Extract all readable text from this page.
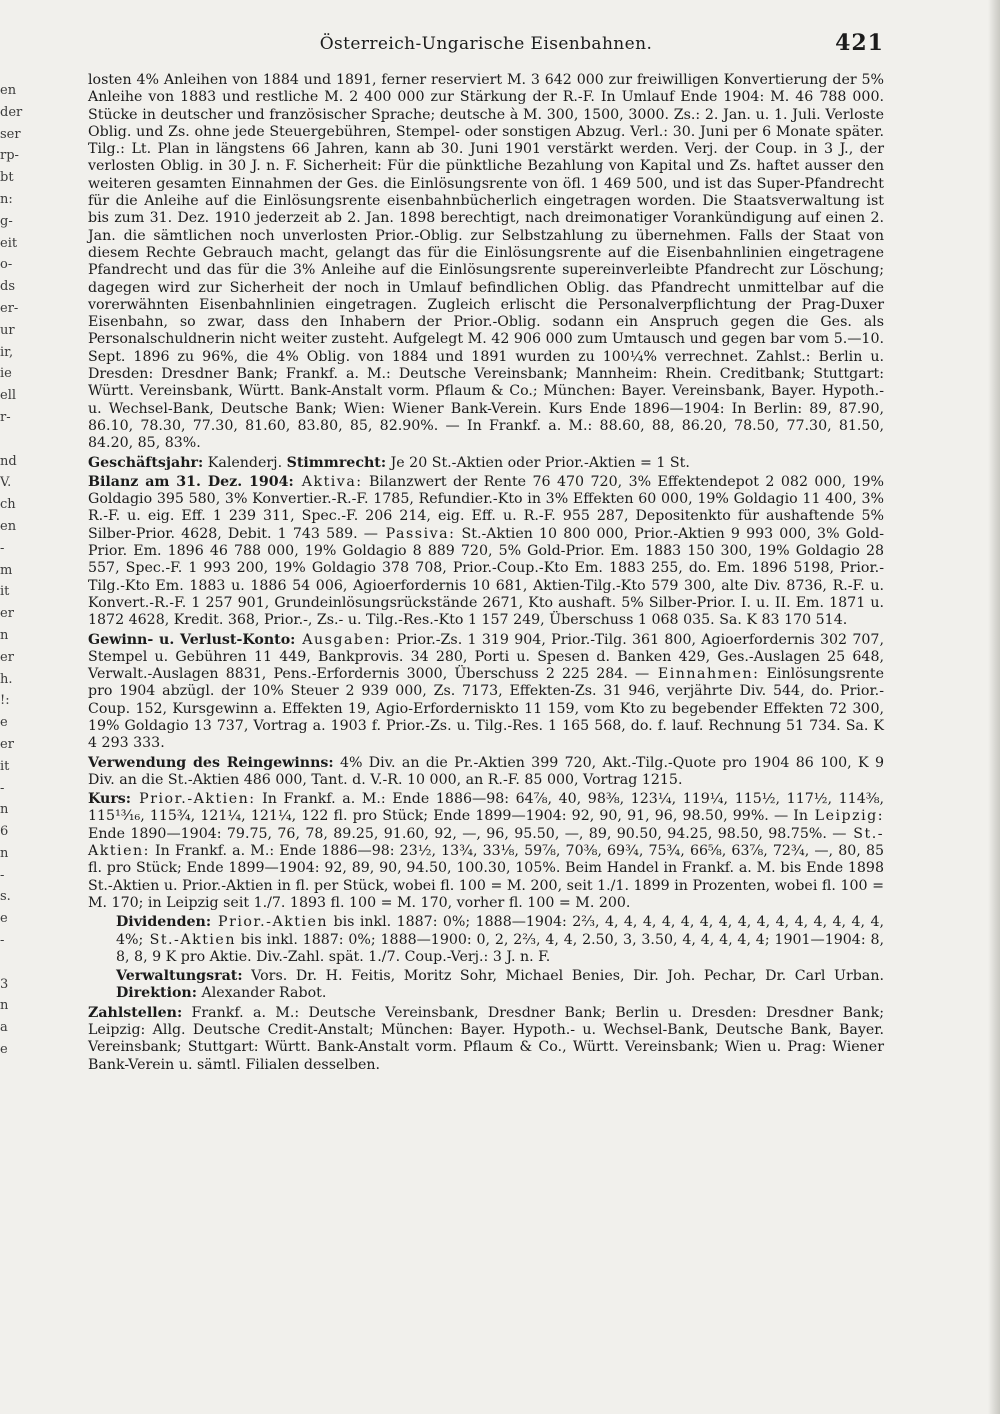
Österreich-Ungarische Eisenbahnen.	421
en
der
ser
rp-
bt
n:
g-
eit
o-
ds
er-
ur
ir,
ie
ell
r-

nd
V.
ch
en
-
m
it
er
n
er
h.
!:
e
er
it
-
n
6
n
-
s.
e
-

3
n
a
e

losten 4% Anleihen von 1884 und 1891, ferner reserviert M. 3 642 000 zur freiwilligen Konvertierung der 5% Anleihe von 1883 und restliche M. 2 400 000 zur Stärkung der R.-F. In Umlauf Ende 1904: M. 46 788 000. Stücke in deutscher und französischer Sprache; deutsche à M. 300, 1500, 3000. Zs.: 2. Jan. u. 1. Juli. Verloste Oblig. und Zs. ohne jede Steuergebühren, Stempel- oder sonstigen Abzug. Verl.: 30. Juni per 6 Monate später. Tilg.: Lt. Plan in längstens 66 Jahren, kann ab 30. Juni 1901 verstärkt werden. Verj. der Coup. in 3 J., der verlosten Oblig. in 30 J. n. F. Sicherheit: Für die pünktliche Bezahlung von Kapital und Zs. haftet ausser den weiteren gesamten Einnahmen der Ges. die Einlösungsrente von öfl. 1 469 500, und ist das Super-Pfandrecht für die Anleihe auf die Einlösungsrente eisenbahnbücherlich eingetragen worden. Die Staatsverwaltung ist bis zum 31. Dez. 1910 jederzeit ab 2. Jan. 1898 berechtigt, nach dreimonatiger Vorankündigung auf einen 2. Jan. die sämtlichen noch unverlosten Prior.-Oblig. zur Selbstzahlung zu übernehmen. Falls der Staat von diesem Rechte Gebrauch macht, gelangt das für die Einlösungsrente auf die Eisenbahnlinien eingetragene Pfandrecht und das für die 3% Anleihe auf die Einlösungsrente supereinverleibte Pfandrecht zur Löschung; dagegen wird zur Sicherheit der noch in Umlauf befindlichen Oblig. das Pfandrecht unmittelbar auf die vorerwähnten Eisenbahnlinien eingetragen. Zugleich erlischt die Personalverpflichtung der Prag-Duxer Eisenbahn, so zwar, dass den Inhabern der Prior.-Oblig. sodann ein Anspruch gegen die Ges. als Personalschuldnerin nicht weiter zusteht. Aufgelegt M. 42 906 000 zum Umtausch und gegen bar vom 5.—10. Sept. 1896 zu 96%, die 4% Oblig. von 1884 und 1891 wurden zu 100¼% verrechnet. Zahlst.: Berlin u. Dresden: Dresdner Bank; Frankf. a. M.: Deutsche Vereinsbank; Mannheim: Rhein. Creditbank; Stuttgart: Württ. Vereinsbank, Württ. Bank-Anstalt vorm. Pflaum & Co.; München: Bayer. Vereinsbank, Bayer. Hypoth.- u. Wechsel-Bank, Deutsche Bank; Wien: Wiener Bank-Verein. Kurs Ende 1896—1904: In Berlin: 89, 87.90, 86.10, 78.30, 77.30, 81.60, 83.80, 85, 82.90%. — In Frankf. a. M.: 88.60, 88, 86.20, 78.50, 77.30, 81.50, 84.20, 85, 83%.

Geschäftsjahr: Kalenderj. Stimmrecht: Je 20 St.-Aktien oder Prior.-Aktien = 1 St.

Bilanz am 31. Dez. 1904: Aktiva: Bilanzwert der Rente 76 470 720, 3% Effektendepot 2 082 000, 19% Goldagio 395 580, 3% Konvertier.-R.-F. 1785, Refundier.-Kto in 3% Effekten 60 000, 19% Goldagio 11 400, 3% R.-F. u. eig. Eff. 1 239 311, Spec.-F. 206 214, eig. Eff. u. R.-F. 955 287, Depositenkto für aushaftende 5% Silber-Prior. 4628, Debit. 1 743 589. — Passiva: St.-Aktien 10 800 000, Prior.-Aktien 9 993 000, 3% Gold-Prior. Em. 1896 46 788 000, 19% Goldagio 8 889 720, 5% Gold-Prior. Em. 1883 150 300, 19% Goldagio 28 557, Spec.-F. 1 993 200, 19% Goldagio 378 708, Prior.-Coup.-Kto Em. 1883 255, do. Em. 1896 5198, Prior.-Tilg.-Kto Em. 1883 u. 1886 54 006, Agioerfordernis 10 681, Aktien-Tilg.-Kto 579 300, alte Div. 8736, R.-F. u. Konvert.-R.-F. 1 257 901, Grundeinlösungsrückstände 2671, Kto aushaft. 5% Silber-Prior. I. u. II. Em. 1871 u. 1872 4628, Kredit. 368, Prior.-, Zs.- u. Tilg.-Res.-Kto 1 157 249, Überschuss 1 068 035. Sa. K 83 170 514.

Gewinn- u. Verlust-Konto: Ausgaben: Prior.-Zs. 1 319 904, Prior.-Tilg. 361 800, Agioerfordernis 302 707, Stempel u. Gebühren 11 449, Bankprovis. 34 280, Porti u. Spesen d. Banken 429, Ges.-Auslagen 25 648, Verwalt.-Auslagen 8831, Pens.-Erfordernis 3000, Überschuss 2 225 284. — Einnahmen: Einlösungsrente pro 1904 abzügl. der 10% Steuer 2 939 000, Zs. 7173, Effekten-Zs. 31 946, verjährte Div. 544, do. Prior.-Coup. 152, Kursgewinn a. Effekten 19, Agio-Erforderniskto 11 159, vom Kto zu begebender Effekten 72 300, 19% Goldagio 13 737, Vortrag a. 1903 f. Prior.-Zs. u. Tilg.-Res. 1 165 568, do. f. lauf. Rechnung 51 734. Sa. K 4 293 333.

Verwendung des Reingewinns: 4% Div. an die Pr.-Aktien 399 720, Akt.-Tilg.-Quote pro 1904 86 100, K 9 Div. an die St.-Aktien 486 000, Tant. d. V.-R. 10 000, an R.-F. 85 000, Vortrag 1215.

Kurs: Prior.-Aktien: In Frankf. a. M.: Ende 1886—98: 64⅞, 40, 98⅜, 123¼, 119¼, 115½, 117½, 114⅜, 115¹³⁄₁₆, 115¾, 121¼, 121¼, 122 fl. pro Stück; Ende 1899—1904: 92, 90, 91, 96, 98.50, 99%. — In Leipzig: Ende 1890—1904: 79.75, 76, 78, 89.25, 91.60, 92, —, 96, 95.50, —, 89, 90.50, 94.25, 98.50, 98.75%. — St.-Aktien: In Frankf. a. M.: Ende 1886—98: 23½, 13¾, 33⅛, 59⅞, 70⅜, 69¾, 75¾, 66⅝, 63⅞, 72¾, —, 80, 85 fl. pro Stück; Ende 1899—1904: 92, 89, 90, 94.50, 100.30, 105%. Beim Handel in Frankf. a. M. bis Ende 1898 St.-Aktien u. Prior.-Aktien in fl. per Stück, wobei fl. 100 = M. 200, seit 1./1. 1899 in Prozenten, wobei fl. 100 = M. 170; in Leipzig seit 1./7. 1893 fl. 100 = M. 170, vorher fl. 100 = M. 200.

Dividenden: Prior.-Aktien bis inkl. 1887: 0%; 1888—1904: 2⅔, 4, 4, 4, 4, 4, 4, 4, 4, 4, 4, 4, 4, 4, 4, 4, 4%; St.-Aktien bis inkl. 1887: 0%; 1888—1900: 0, 2, 2⅔, 4, 4, 2.50, 3, 3.50, 4, 4, 4, 4, 4; 1901—1904: 8, 8, 8, 9 K pro Aktie. Div.-Zahl. spät. 1./7. Coup.-Verj.: 3 J. n. F.

Verwaltungsrat: Vors. Dr. H. Feitis, Moritz Sohr, Michael Benies, Dir. Joh. Pechar, Dr. Carl Urban. Direktion: Alexander Rabot.

Zahlstellen: Frankf. a. M.: Deutsche Vereinsbank, Dresdner Bank; Berlin u. Dresden: Dresdner Bank; Leipzig: Allg. Deutsche Credit-Anstalt; München: Bayer. Hypoth.- u. Wechsel-Bank, Deutsche Bank, Bayer. Vereinsbank; Stuttgart: Württ. Bank-Anstalt vorm. Pflaum & Co., Württ. Vereinsbank; Wien u. Prag: Wiener Bank-Verein u. sämtl. Filialen desselben.
